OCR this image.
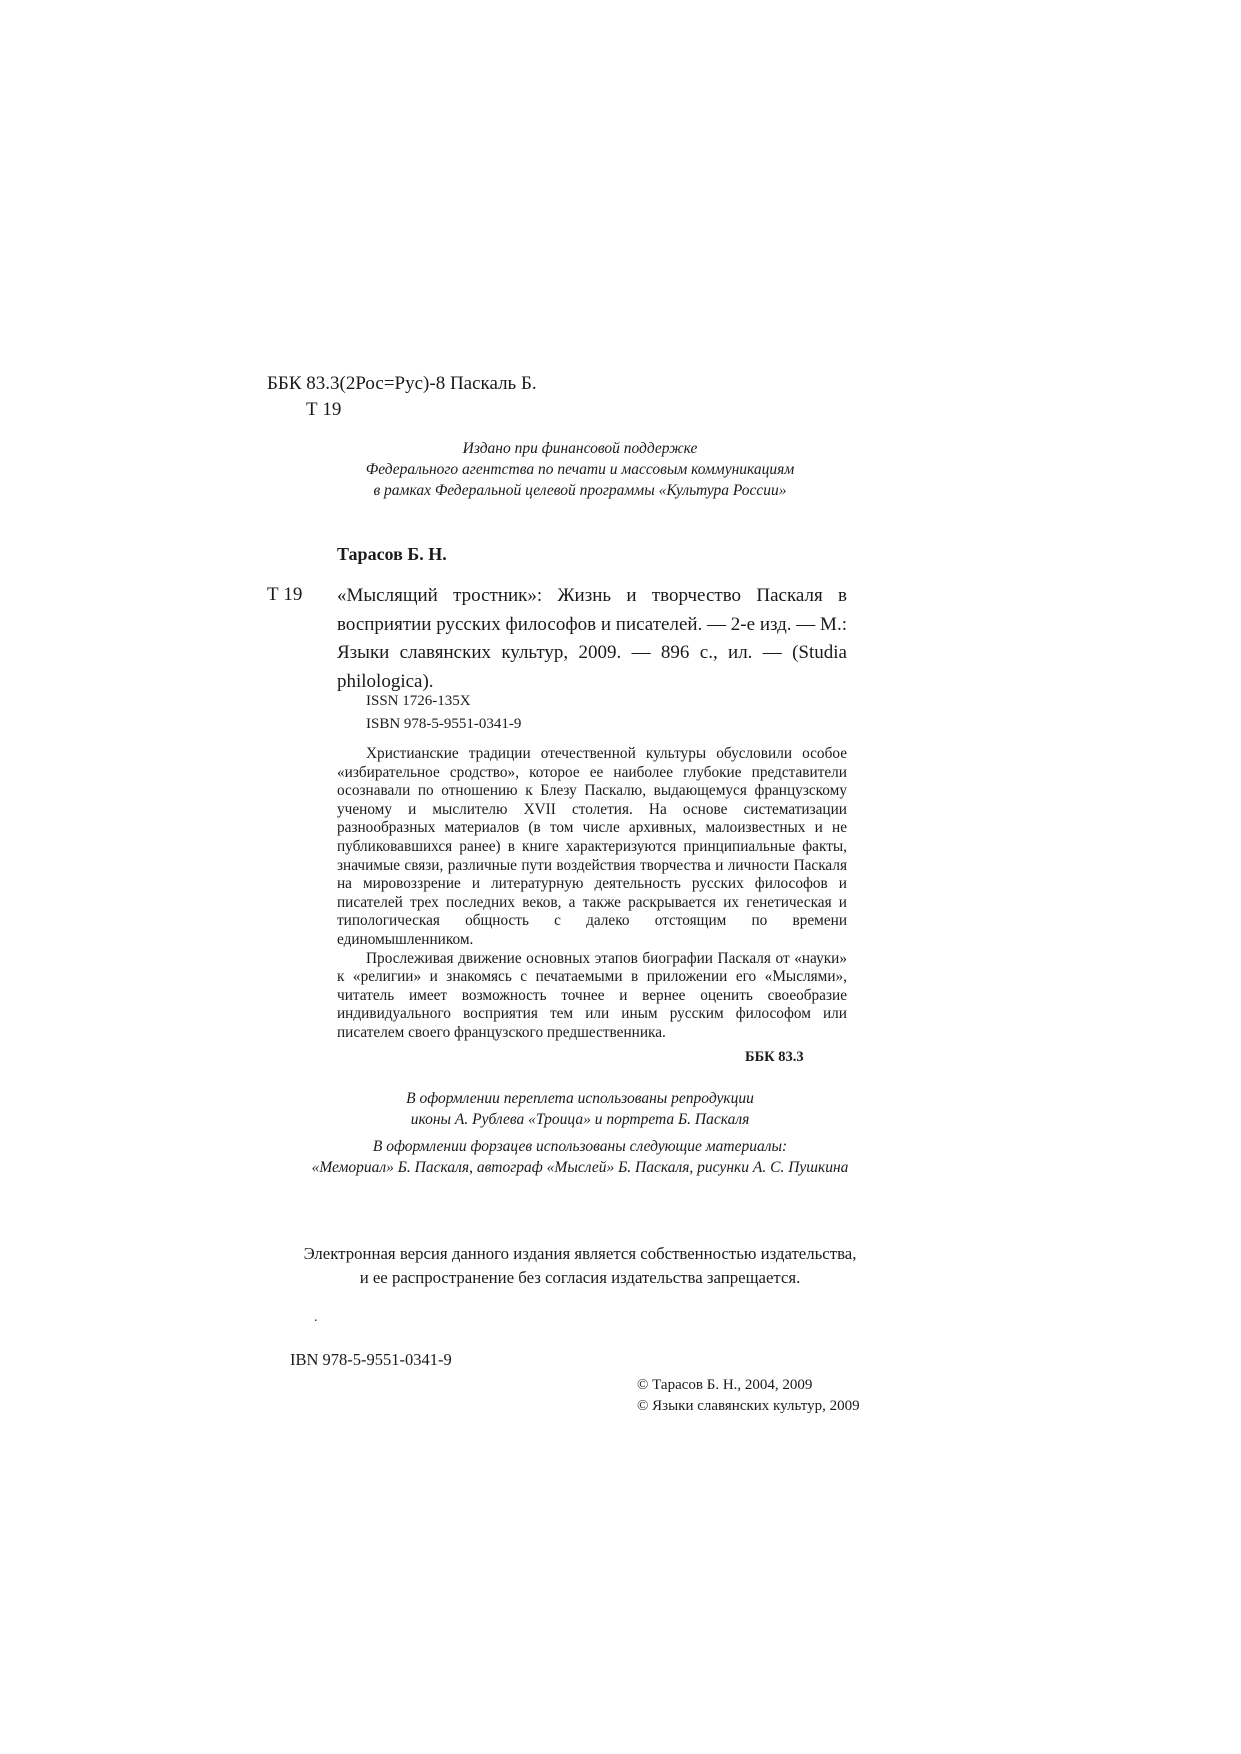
ББК 83.3(2Рос=Рус)-8 Паскаль Б.
Т 19
Издано при финансовой поддержке
Федерального агентства по печати и массовым коммуникациям
в рамках Федеральной целевой программы «Культура России»
Тарасов Б. Н.
Т 19 «Мыслящий тростник»: Жизнь и творчество Паскаля в восприятии русских философов и писателей. — 2-е изд. — М.: Языки славянских культур, 2009. — 896 с., ил. — (Studia philologica).
ISSN 1726-135X
ISBN 978-5-9551-0341-9

Христианские традиции отечественной культуры обусловили особое «избирательное сродство», которое ее наиболее глубокие представители осознавали по отношению к Блезу Паскалю, выдающемуся французскому ученому и мыслителю XVII столетия. На основе систематизации разнообразных материалов (в том числе архивных, малоизвестных и не публиковавшихся ранее) в книге характеризуются принципиальные факты, значимые связи, различные пути воздействия творчества и личности Паскаля на мировоззрение и литературную деятельность русских философов и писателей трех последних веков, а также раскрывается их генетическая и типологическая общность с далеко отстоящим по времени единомышленником.

Прослеживая движение основных этапов биографии Паскаля от «науки» к «религии» и знакомясь с печатаемыми в приложении его «Мыслями», читатель имеет возможность точнее и вернее оценить своеобразие индивидуального восприятия тем или иным русским философом или писателем своего французского предшественника.

ББК 83.3
В оформлении переплета использованы репродукции
иконы А. Рублева «Троица» и портрета Б. Паскаля
В оформлении форзацев использованы следующие материалы:
«Мемориал» Б. Паскаля, автограф «Мыслей» Б. Паскаля, рисунки А. С. Пушкина
Электронная версия данного издания является собственностью издательства,
и ее распространение без согласия издательства запрещается.
.
IBN 978-5-9551-0341-9
© Тарасов Б. Н., 2004, 2009
© Языки славянских культур, 2009
